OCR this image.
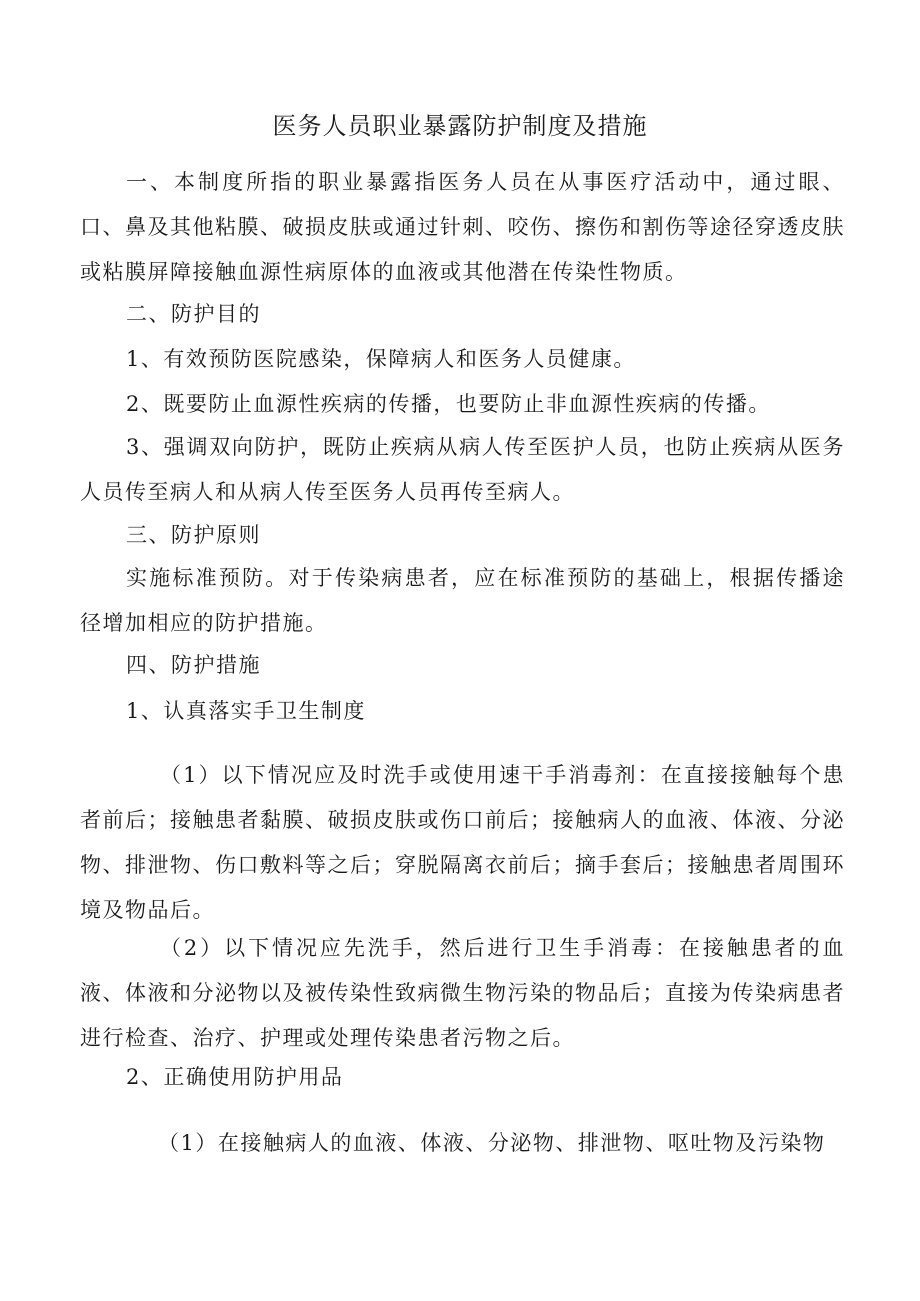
医务人员职业暴露防护制度及措施
一、本制度所指的职业暴露指医务人员在从事医疗活动中，通过眼、口、鼻及其他粘膜、破损皮肤或通过针刺、咬伤、擦伤和割伤等途径穿透皮肤或粘膜屏障接触血源性病原体的血液或其他潜在传染性物质。
二、防护目的
1、有效预防医院感染，保障病人和医务人员健康。
2、既要防止血源性疾病的传播，也要防止非血源性疾病的传播。
3、强调双向防护，既防止疾病从病人传至医护人员，也防止疾病从医务人员传至病人和从病人传至医务人员再传至病人。
三、防护原则
实施标准预防。对于传染病患者，应在标准预防的基础上，根据传播途径增加相应的防护措施。
四、防护措施
1、认真落实手卫生制度
（1）以下情况应及时洗手或使用速干手消毒剂：在直接接触每个患者前后；接触患者黏膜、破损皮肤或伤口前后；接触病人的血液、体液、分泌物、排泄物、伤口敷料等之后；穿脱隔离衣前后；摘手套后；接触患者周围环境及物品后。
（2）以下情况应先洗手，然后进行卫生手消毒：在接触患者的血液、体液和分泌物以及被传染性致病微生物污染的物品后；直接为传染病患者进行检查、治疗、护理或处理传染患者污物之后。
2、正确使用防护用品
（1）在接触病人的血液、体液、分泌物、排泄物、呕吐物及污染物
